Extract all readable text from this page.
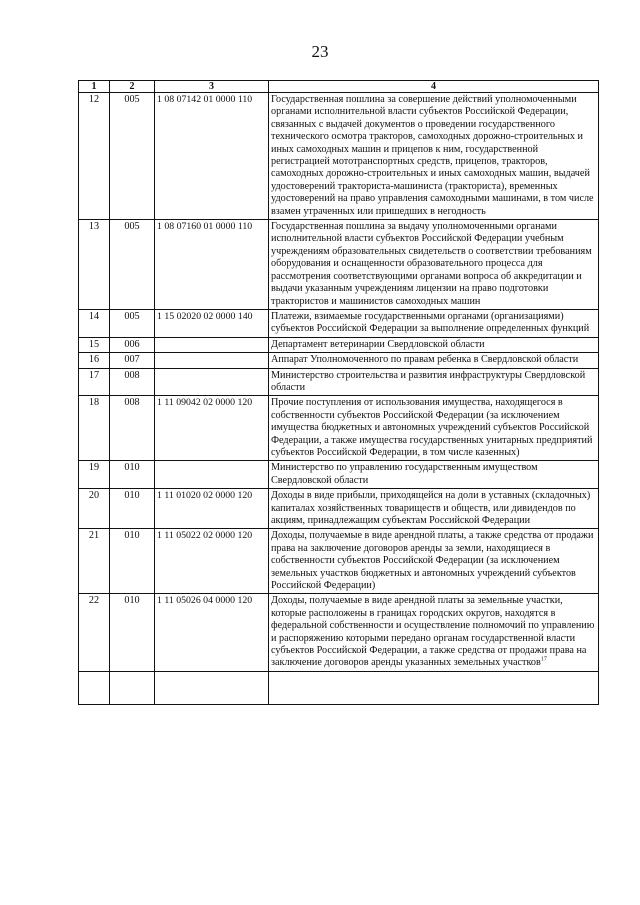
23
1	2	3	4
12	005	1 08 07142 01 0000 110	Государственная пошлина за совершение действий уполномоченными органами исполнительной власти субъектов Российской Федерации, связанных с выдачей документов о проведении государственного технического осмотра тракторов, самоходных дорожно-строительных и иных самоходных машин и прицепов к ним, государственной регистрацией мототранспортных средств, прицепов, тракторов, самоходных дорожно-строительных и иных самоходных машин, выдачей удостоверений тракториста-машиниста (тракториста), временных удостоверений на право управления самоходными машинами, в том числе взамен утраченных или пришедших в негодность
13	005	1 08 07160 01 0000 110	Государственная пошлина за выдачу уполномоченными органами исполнительной власти субъектов Российской Федерации учебным учреждениям образовательных свидетельств о соответствии требованиям оборудования и оснащенности образовательного процесса для рассмотрения соответствующими органами вопроса об аккредитации и выдачи указанным учреждениям лицензии на право подготовки трактористов и машинистов самоходных машин
14	005	1 15 02020 02 0000 140	Платежи, взимаемые государственными органами (организациями) субъектов Российской Федерации за выполнение определенных функций
15	006		Департамент ветеринарии Свердловской области
16	007		Аппарат Уполномоченного по правам ребенка в Свердловской области
17	008		Министерство строительства и развития инфраструктуры Свердловской области
18	008	1 11 09042 02 0000 120	Прочие поступления от использования имущества, находящегося в собственности субъектов Российской Федерации (за исключением имущества бюджетных и автономных учреждений субъектов Российской Федерации, а также имущества государственных унитарных предприятий субъектов Российской Федерации, в том числе казенных)
19	010		Министерство по управлению государственным имуществом Свердловской области
20	010	1 11 01020 02 0000 120	Доходы в виде прибыли, приходящейся на доли в уставных (складочных) капиталах хозяйственных товариществ и обществ, или дивидендов по акциям, принадлежащим субъектам Российской Федерации
21	010	1 11 05022 02 0000 120	Доходы, получаемые в виде арендной платы, а также средства от продажи права на заключение договоров аренды за земли, находящиеся в собственности субъектов Российской Федерации (за исключением земельных участков бюджетных и автономных учреждений субъектов Российской Федерации)
22	010	1 11 05026 04 0000 120	Доходы, получаемые в виде арендной платы за земельные участки, которые расположены в границах городских округов, находятся в федеральной собственности и осуществление полномочий по управлению и распоряжению которыми передано органам государственной власти субъектов Российской Федерации, а также средства от продажи права на заключение договоров аренды указанных земельных участков$^{17}$
